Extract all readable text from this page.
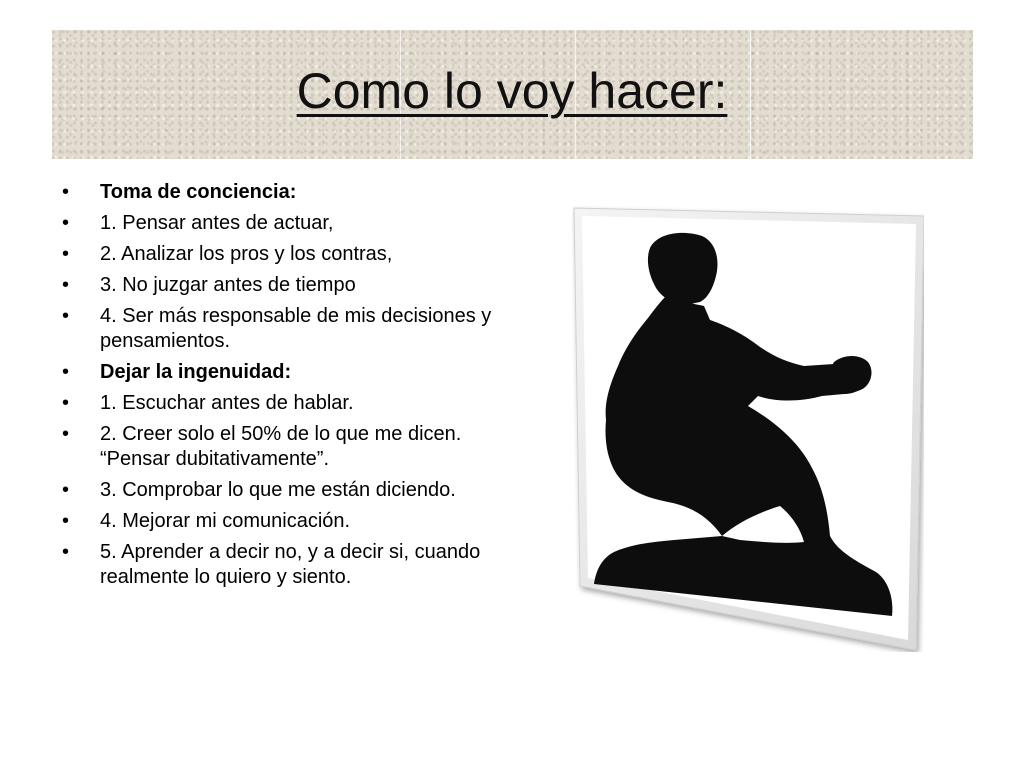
Como lo voy hacer:
• Toma de conciencia:
• 1. Pensar antes de actuar,
• 2. Analizar los pros y los contras,
• 3. No juzgar antes de tiempo
• 4. Ser más responsable de mis decisiones y pensamientos.
• Dejar la ingenuidad:
• 1. Escuchar antes de hablar.
• 2. Creer solo el 50% de lo que me dicen. “Pensar dubitativamente”.
• 3. Comprobar lo que me están diciendo.
• 4. Mejorar mi comunicación.
• 5. Aprender a decir no, y a decir si, cuando realmente lo quiero y siento.
